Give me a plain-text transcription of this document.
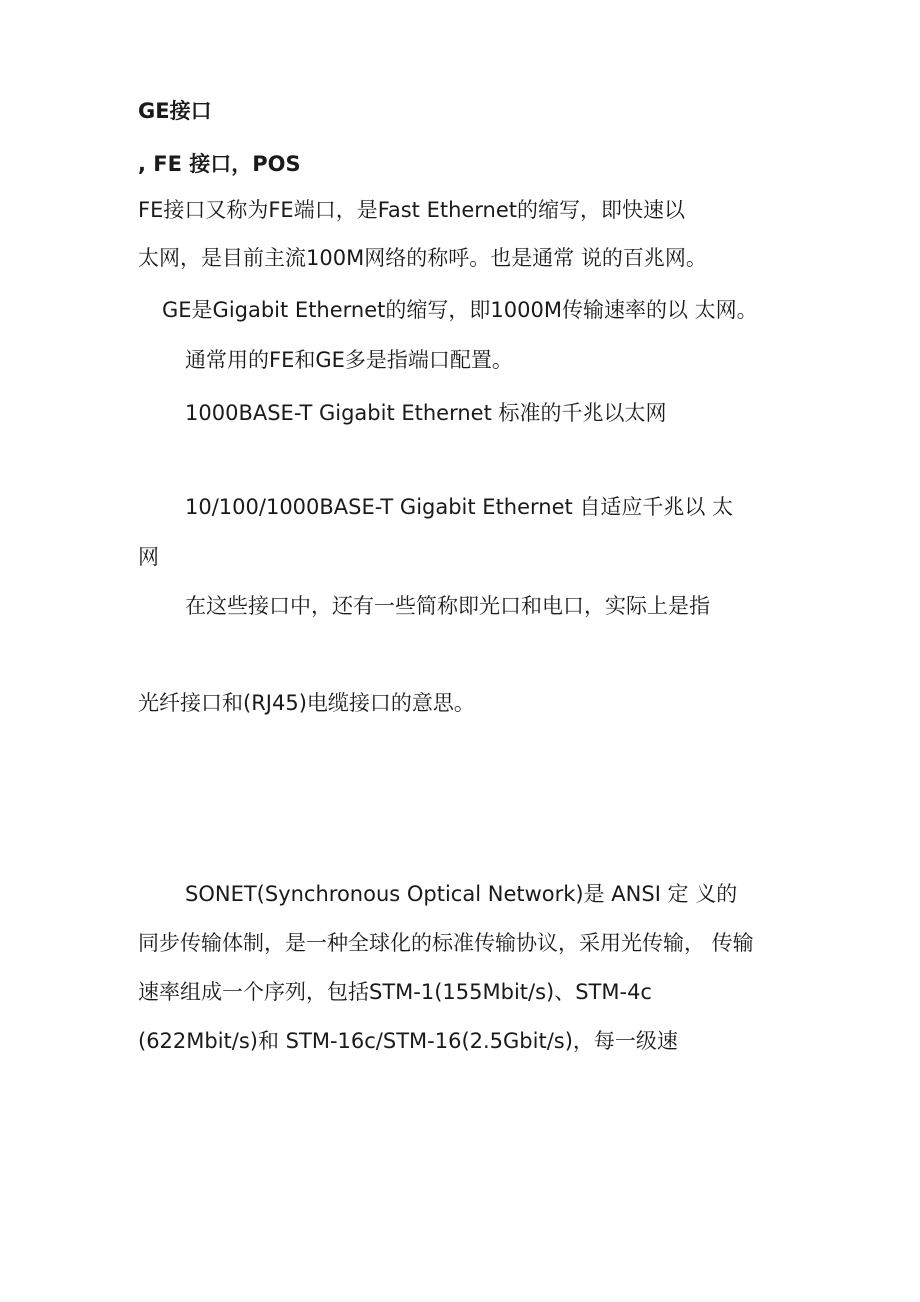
GE接口

, FE 接口，POS

FE接口又称为FE端口，是Fast Ethernet的缩写，即快速以

太网，是目前主流100M网络的称呼。也是通常 说的百兆网。

GE是Gigabit Ethernet的缩写，即1000M传输速率的以 太网。

通常用的FE和GE多是指端口配置。

1000BASE-T Gigabit Ethernet 标准的千兆以太网

10/100/1000BASE-T Gigabit Ethernet 自适应千兆以 太

网

在这些接口中，还有一些简称即光口和电口，实际上是指

光纤接口和(RJ45)电缆接口的意思。

SONET(Synchronous Optical Network)是 ANSI 定 义的

同步传输体制，是一种全球化的标准传输协议，采用光传输， 传输

速率组成一个序列，包括STM-1(155Mbit/s)、STM-4c

(622Mbit/s)和 STM-16c/STM-16(2.5Gbit/s)，每一级速
